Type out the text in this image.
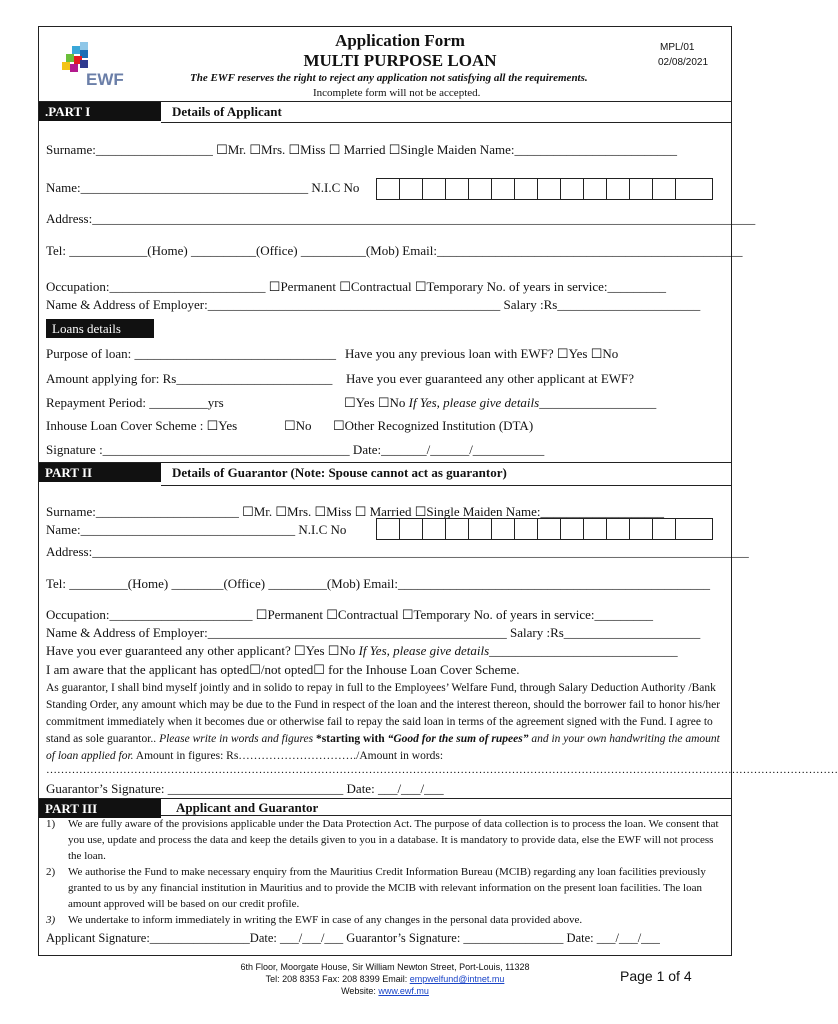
EWF
Application Form
MULTI PURPOSE LOAN
MPL/01
02/08/2021
The EWF reserves the right to reject any application not satisfying all the requirements.
Incomplete form will not be accepted.
.PART I	Details of Applicant
Surname:__________________ ☐Mr. ☐Mrs. ☐Miss ☐ Married ☐Single Maiden Name:_________________________
Name:___________________________________ N.I.C No
Address:______________________________________________________________________________________________________
Tel: ____________(Home) __________(Office) __________(Mob) Email:_______________________________________________
Occupation:________________________ ☐Permanent ☐Contractual ☐Temporary No. of years in service:_________
Name & Address of Employer:_____________________________________________ Salary :Rs______________________
Loans details
Purpose of loan: _______________________________ Have you any previous loan with EWF? ☐Yes ☐No
Amount applying for: Rs________________________ Have you ever guaranteed any other applicant at EWF?
Repayment Period: _________yrs	☐Yes ☐No If Yes, please give details__________________
Inhouse Loan Cover Scheme : ☐Yes	☐No ☐Other Recognized Institution (DTA)
Signature :______________________________________ Date:_______/______/___________
PART II	Details of Guarantor (Note: Spouse cannot act as guarantor)
Surname:______________________ ☐Mr. ☐Mrs. ☐Miss ☐ Married ☐Single Maiden Name:___________________
Name:_________________________________ N.I.C No
Address:_____________________________________________________________________________________________________
Tel: _________(Home) ________(Office) _________(Mob) Email:________________________________________________
Occupation:______________________ ☐Permanent ☐Contractual ☐Temporary No. of years in service:_________
Name & Address of Employer:______________________________________________ Salary :Rs_____________________
Have you ever guaranteed any other applicant? ☐Yes ☐No If Yes, please give details_____________________________
I am aware that the applicant has opted☐/not opted☐ for the Inhouse Loan Cover Scheme.
As guarantor, I shall bind myself jointly and in solido to repay in full to the Employees’ Welfare Fund, through Salary Deduction Authority /Bank Standing Order, any amount which may be due to the Fund in respect of the loan and the interest thereon, should the borrower fail to honor his/her commitment immediately when it becomes due or otherwise fail to repay the said loan in terms of the agreement signed with the Fund. I agree to stand as sole guarantor.. Please write in words and figures *starting with “Good for the sum of rupees” and in your own handwriting the amount of loan applied for. Amount in figures: Rs…………………………./Amount in words:
………………………………………………………………………………………………………………………………………………………………………………………………
Guarantor’s Signature: ___________________________ Date: ___/___/___
PART III	Applicant and Guarantor
1)	We are fully aware of the provisions applicable under the Data Protection Act. The purpose of data collection is to process the loan. We consent that you use, update and process the data and keep the details given to you in a database. It is mandatory to provide data, else the EWF will not process the loan.
2)	We authorise the Fund to make necessary enquiry from the Mauritius Credit Information Bureau (MCIB) regarding any loan facilities previously granted to us by any financial institution in Mauritius and to provide the MCIB with relevant information on the present loan facilities. The loan amount approved will be based on our credit profile.
3)	We undertake to inform immediately in writing the EWF in case of any changes in the personal data provided above.
Applicant Signature:________________Date: ___/___/___ Guarantor’s Signature: ________________ Date: ___/___/___
6th Floor, Moorgate House, Sir William Newton Street, Port-Louis, 11328
Tel: 208 8353 Fax: 208 8399 Email: empwelfund@intnet.mu
Website: www.ewf.mu
Page 1 of 4
